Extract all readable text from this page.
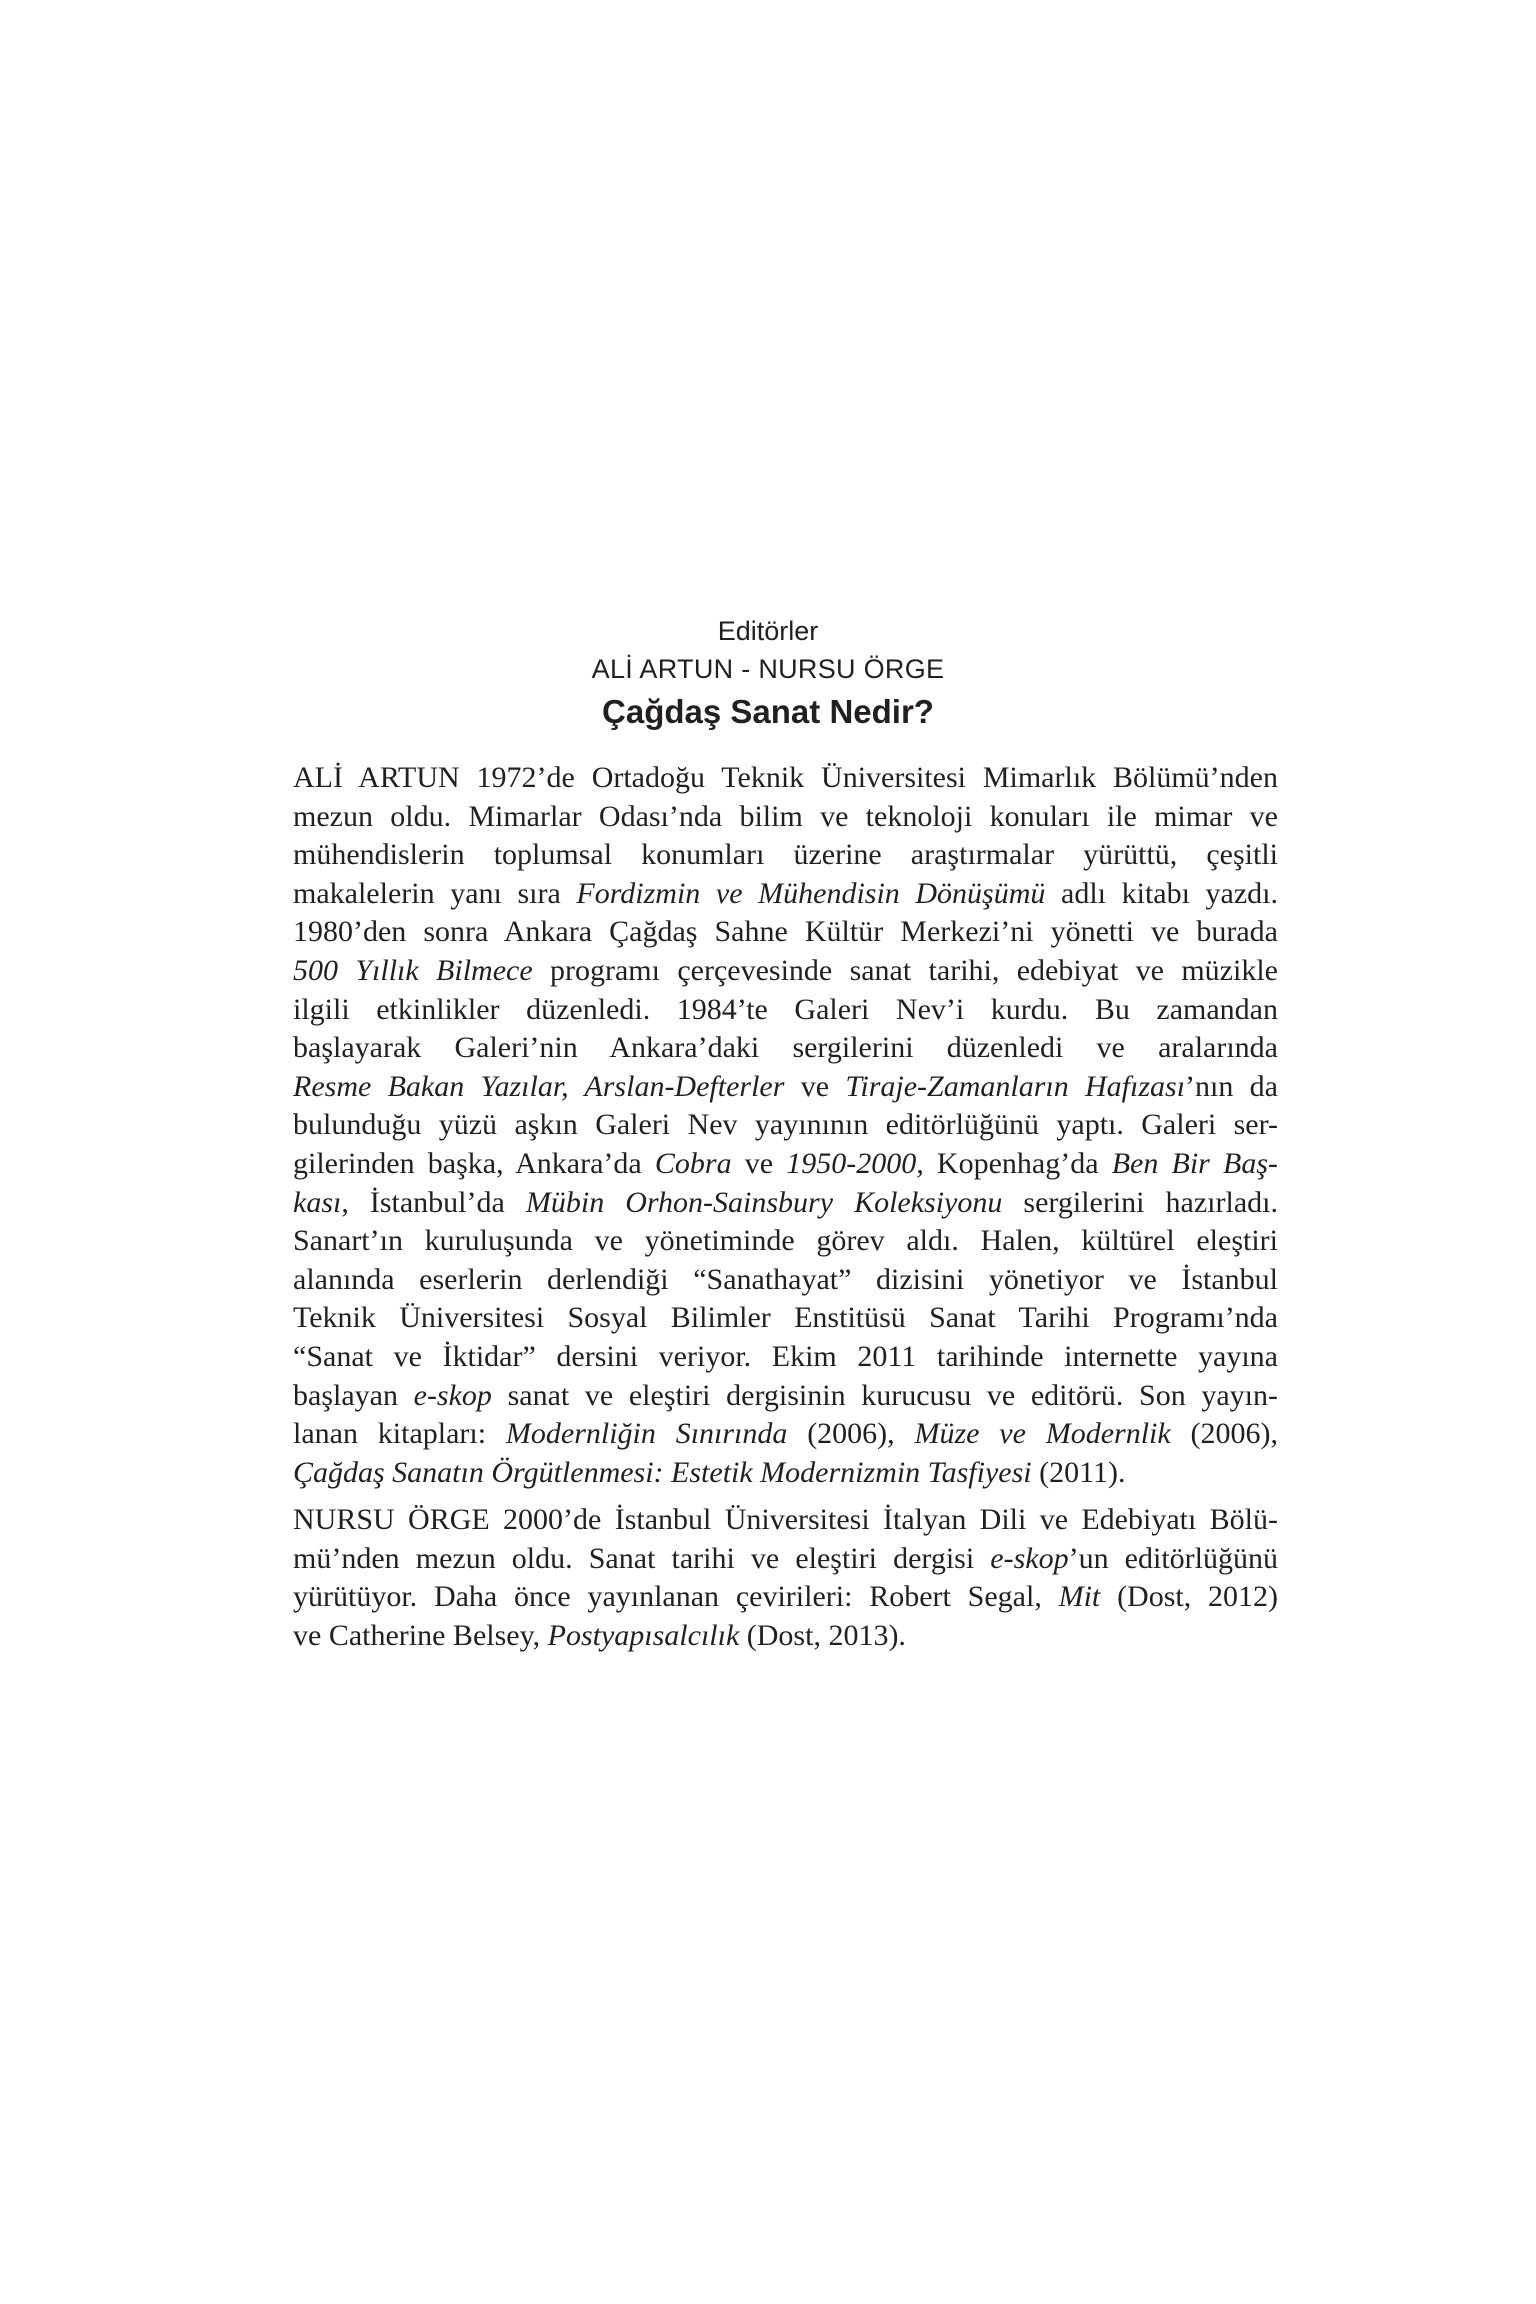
Editörler
ALİ ARTUN - NURSU ÖRGE
Çağdaş Sanat Nedir?
ALİ ARTUN 1972’de Ortadoğu Teknik Üniversitesi Mimarlık Bölümü’nden
mezun oldu. Mimarlar Odası’nda bilim ve teknoloji konuları ile mimar ve
mühendislerin toplumsal konumları üzerine araştırmalar yürüttü, çeşitli
makalelerin yanı sıra Fordizmin ve Mühendisin Dönüşümü adlı kitabı yazdı.
1980’den sonra Ankara Çağdaş Sahne Kültür Merkezi’ni yönetti ve burada
500 Yıllık Bilmece programı çerçevesinde sanat tarihi, edebiyat ve müzikle
ilgili etkinlikler düzenledi. 1984’te Galeri Nev’i kurdu. Bu zamandan
başlayarak Galeri’nin Ankara’daki sergilerini düzenledi ve aralarında
Resme Bakan Yazılar, Arslan-Defterler ve Tiraje-Zamanların Hafızası’nın da
bulunduğu yüzü aşkın Galeri Nev yayınının editörlüğünü yaptı. Galeri ser-
gilerinden başka, Ankara’da Cobra ve 1950-2000, Kopenhag’da Ben Bir Baş-
kası, İstanbul’da Mübin Orhon-Sainsbury Koleksiyonu sergilerini hazırladı.
Sanart’ın kuruluşunda ve yönetiminde görev aldı. Halen, kültürel eleştiri
alanında eserlerin derlendiği “Sanathayat” dizisini yönetiyor ve İstanbul
Teknik Üniversitesi Sosyal Bilimler Enstitüsü Sanat Tarihi Programı’nda
“Sanat ve İktidar” dersini veriyor. Ekim 2011 tarihinde internette yayına
başlayan e-skop sanat ve eleştiri dergisinin kurucusu ve editörü. Son yayın-
lanan kitapları: Modernliğin Sınırında (2006), Müze ve Modernlik (2006),
Çağdaş Sanatın Örgütlenmesi: Estetik Modernizmin Tasfiyesi (2011).
NURSU ÖRGE 2000’de İstanbul Üniversitesi İtalyan Dili ve Edebiyatı Bölü-
mü’nden mezun oldu. Sanat tarihi ve eleştiri dergisi e-skop’un editörlüğünü
yürütüyor. Daha önce yayınlanan çevirileri: Robert Segal, Mit (Dost, 2012)
ve Catherine Belsey, Postyapısalcılık (Dost, 2013).
